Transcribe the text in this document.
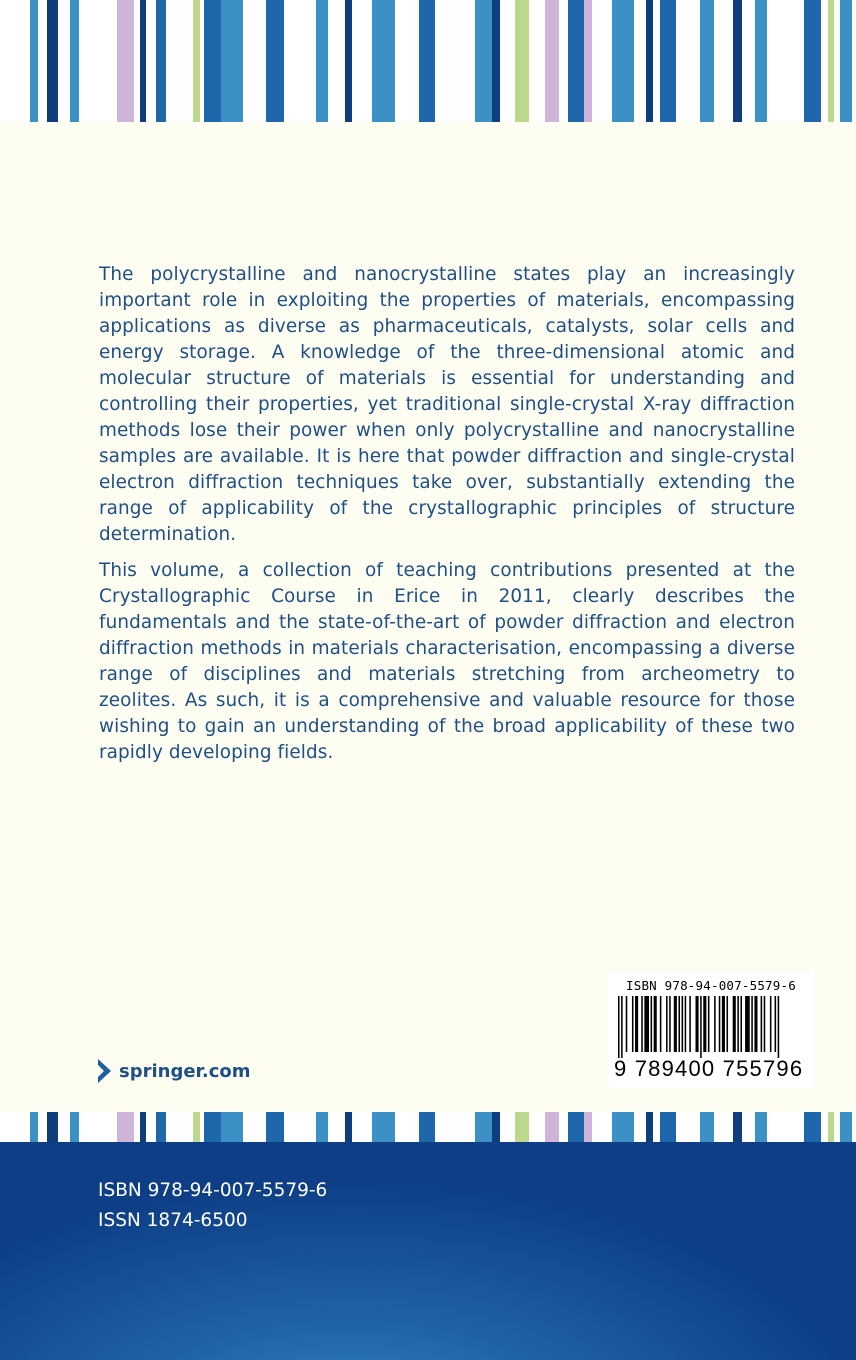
The polycrystalline and nanocrystalline states play an increasingly important role in exploiting the properties of materials, encompassing applications as diverse as pharmaceuticals, catalysts, solar cells and energy storage. A knowledge of the three-dimensional atomic and molecular structure of materials is essential for understanding and controlling their properties, yet traditional single-crystal X-ray diffraction methods lose their power when only polycrystalline and nanocrystalline samples are available. It is here that powder diffraction and single-crystal electron diffraction techniques take over, substantially extending the range of applicability of the crystallographic principles of structure determination.

This volume, a collection of teaching contributions presented at the Crystallographic Course in Erice in 2011, clearly describes the fundamentals and the state-of-the-art of powder diffraction and electron diffraction methods in materials characterisation, encompassing a diverse range of disciplines and materials stretching from archeometry to zeolites. As such, it is a comprehensive and valuable resource for those wishing to gain an understanding of the broad applicability of these two rapidly developing fields.

springer.com
ISBN 978-94-007-5579-6
9 789400 755796
ISBN 978-94-007-5579-6
ISSN 1874-6500
